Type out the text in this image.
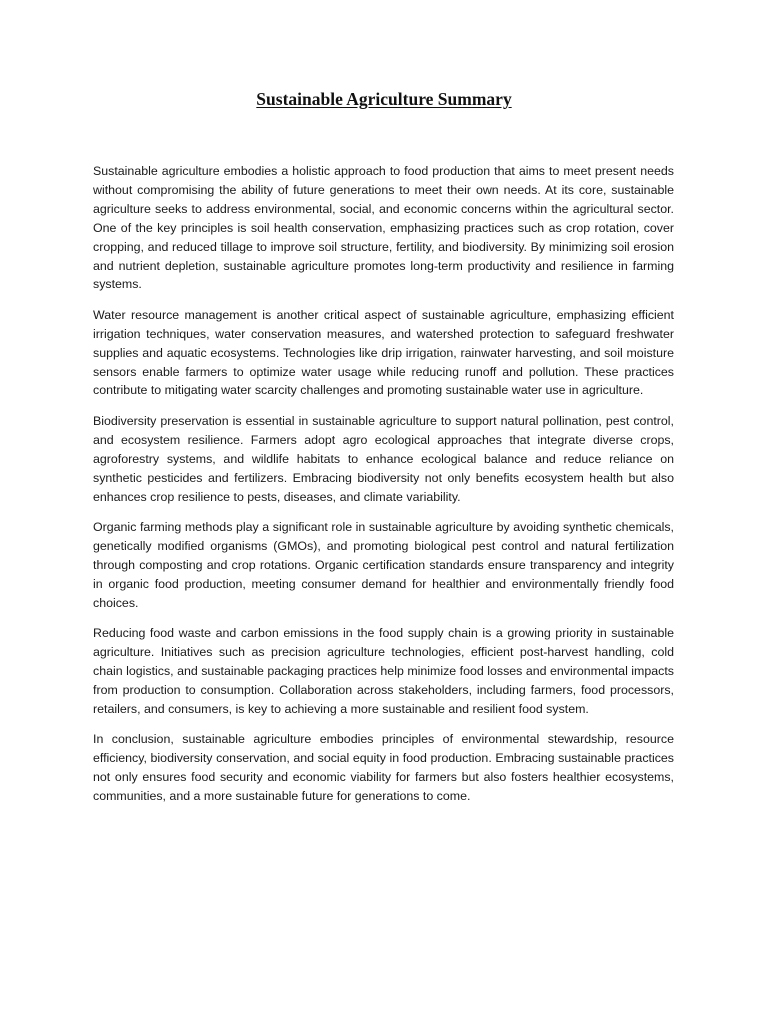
Sustainable Agriculture Summary

Sustainable agriculture embodies a holistic approach to food production that aims to meet present needs without compromising the ability of future generations to meet their own needs. At its core, sustainable agriculture seeks to address environmental, social, and economic concerns within the agricultural sector. One of the key principles is soil health conservation, emphasizing practices such as crop rotation, cover cropping, and reduced tillage to improve soil structure, fertility, and biodiversity. By minimizing soil erosion and nutrient depletion, sustainable agriculture promotes long-term productivity and resilience in farming systems.

Water resource management is another critical aspect of sustainable agriculture, emphasizing efficient irrigation techniques, water conservation measures, and watershed protection to safeguard freshwater supplies and aquatic ecosystems. Technologies like drip irrigation, rainwater harvesting, and soil moisture sensors enable farmers to optimize water usage while reducing runoff and pollution. These practices contribute to mitigating water scarcity challenges and promoting sustainable water use in agriculture.

Biodiversity preservation is essential in sustainable agriculture to support natural pollination, pest control, and ecosystem resilience. Farmers adopt agro ecological approaches that integrate diverse crops, agroforestry systems, and wildlife habitats to enhance ecological balance and reduce reliance on synthetic pesticides and fertilizers. Embracing biodiversity not only benefits ecosystem health but also enhances crop resilience to pests, diseases, and climate variability.

Organic farming methods play a significant role in sustainable agriculture by avoiding synthetic chemicals, genetically modified organisms (GMOs), and promoting biological pest control and natural fertilization through composting and crop rotations. Organic certification standards ensure transparency and integrity in organic food production, meeting consumer demand for healthier and environmentally friendly food choices.

Reducing food waste and carbon emissions in the food supply chain is a growing priority in sustainable agriculture. Initiatives such as precision agriculture technologies, efficient post-harvest handling, cold chain logistics, and sustainable packaging practices help minimize food losses and environmental impacts from production to consumption. Collaboration across stakeholders, including farmers, food processors, retailers, and consumers, is key to achieving a more sustainable and resilient food system.

In conclusion, sustainable agriculture embodies principles of environmental stewardship, resource efficiency, biodiversity conservation, and social equity in food production. Embracing sustainable practices not only ensures food security and economic viability for farmers but also fosters healthier ecosystems, communities, and a more sustainable future for generations to come.
